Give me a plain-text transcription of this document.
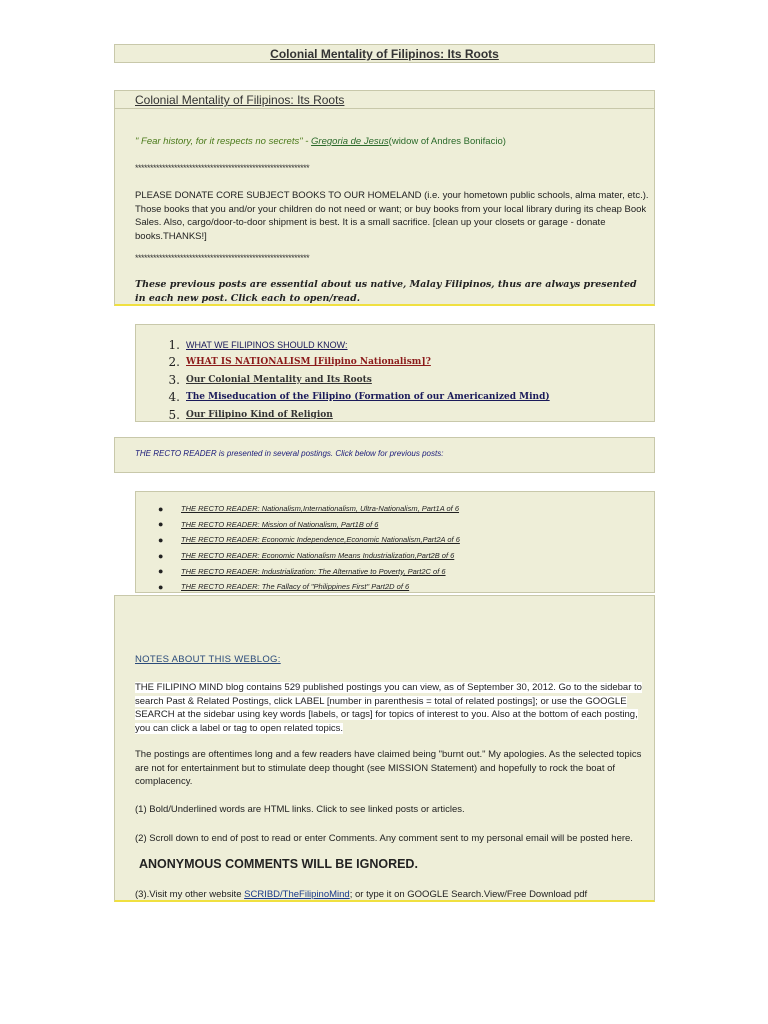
Colonial Mentality of Filipinos: Its Roots
Colonial Mentality of Filipinos: Its Roots
" Fear history, for it respects no secrets" - Gregoria de Jesus(widow of Andres Bonifacio)
**********************************************************
PLEASE DONATE CORE SUBJECT BOOKS TO OUR HOMELAND (i.e. your hometown public schools, alma mater, etc.). Those books that you and/or your children do not need or want; or buy books from your local library during its cheap Book Sales. Also, cargo/door-to-door shipment is best. It is a small sacrifice. [clean up your closets or garage - donate books.THANKS!]
**********************************************************
These previous posts are essential about us native, Malay Filipinos, thus are always presented in each new post. Click each to open/read.
1. WHAT WE FILIPINOS SHOULD KNOW:
2. WHAT IS NATIONALISM [Filipino Nationalism]?
3. Our Colonial Mentality and Its Roots
4. The Miseducation of the Filipino (Formation of our Americanized Mind)
5. Our Filipino Kind of Religion
THE RECTO READER is presented in several postings. Click below for previous posts:
●	THE RECTO READER: Nationalism,Internationalism, Ultra-Nationalism, Part1A of 6
●	THE RECTO READER: Mission of Nationalism, Part1B of 6
●	THE RECTO READER: Economic Independence,Economic Nationalism,Part2A of 6
●	THE RECTO READER: Economic Nationalism Means Industrialization,Part2B of 6
●	THE RECTO READER: Industrialization: The Alternative to Poverty, Part2C of 6
●	THE RECTO READER: The Fallacy of "Philippines First" Part2D of 6
NOTES ABOUT THIS WEBLOG:
THE FILIPINO MIND blog contains 529 published postings you can view, as of September 30, 2012. Go to the sidebar to search Past & Related Postings, click LABEL [number in parenthesis = total of related postings]; or use the GOOGLE SEARCH at the sidebar using key words [labels, or tags] for topics of interest to you. Also at the bottom of each posting, you can click a label or tag to open related topics.
The postings are oftentimes long and a few readers have claimed being "burnt out." My apologies. As the selected topics are not for entertainment but to stimulate deep thought (see MISSION Statement) and hopefully to rock the boat of complacency.
(1) Bold/Underlined words are HTML links. Click to see linked posts or articles.
(2) Scroll down to end of post to read or enter Comments. Any comment sent to my personal email will be posted here.
ANONYMOUS COMMENTS WILL BE IGNORED.
(3).Visit my other website SCRIBD/TheFilipinoMind; or type it on GOOGLE Search.View/Free Download pdf
